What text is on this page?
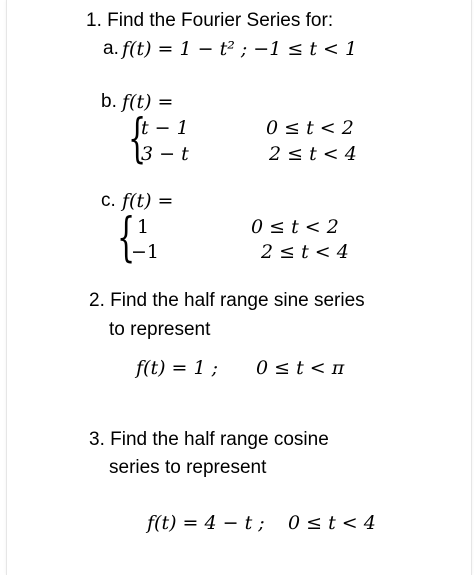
1. Find the Fourier Series for:
a. f(t) = 1 − t² ; −1 ≤ t < 1
b. f(t) =
{
t − 1
3 − t
0 ≤ t < 2
2 ≤ t < 4
c. f(t) =
{ 1
−1
0 ≤ t < 2
2 ≤ t < 4
2. Find the half range sine series
to represent
f(t) = 1 ; 0 ≤ t < π
3. Find the half range cosine
series to represent
f(t) = 4 − t ; 0 ≤ t < 4
